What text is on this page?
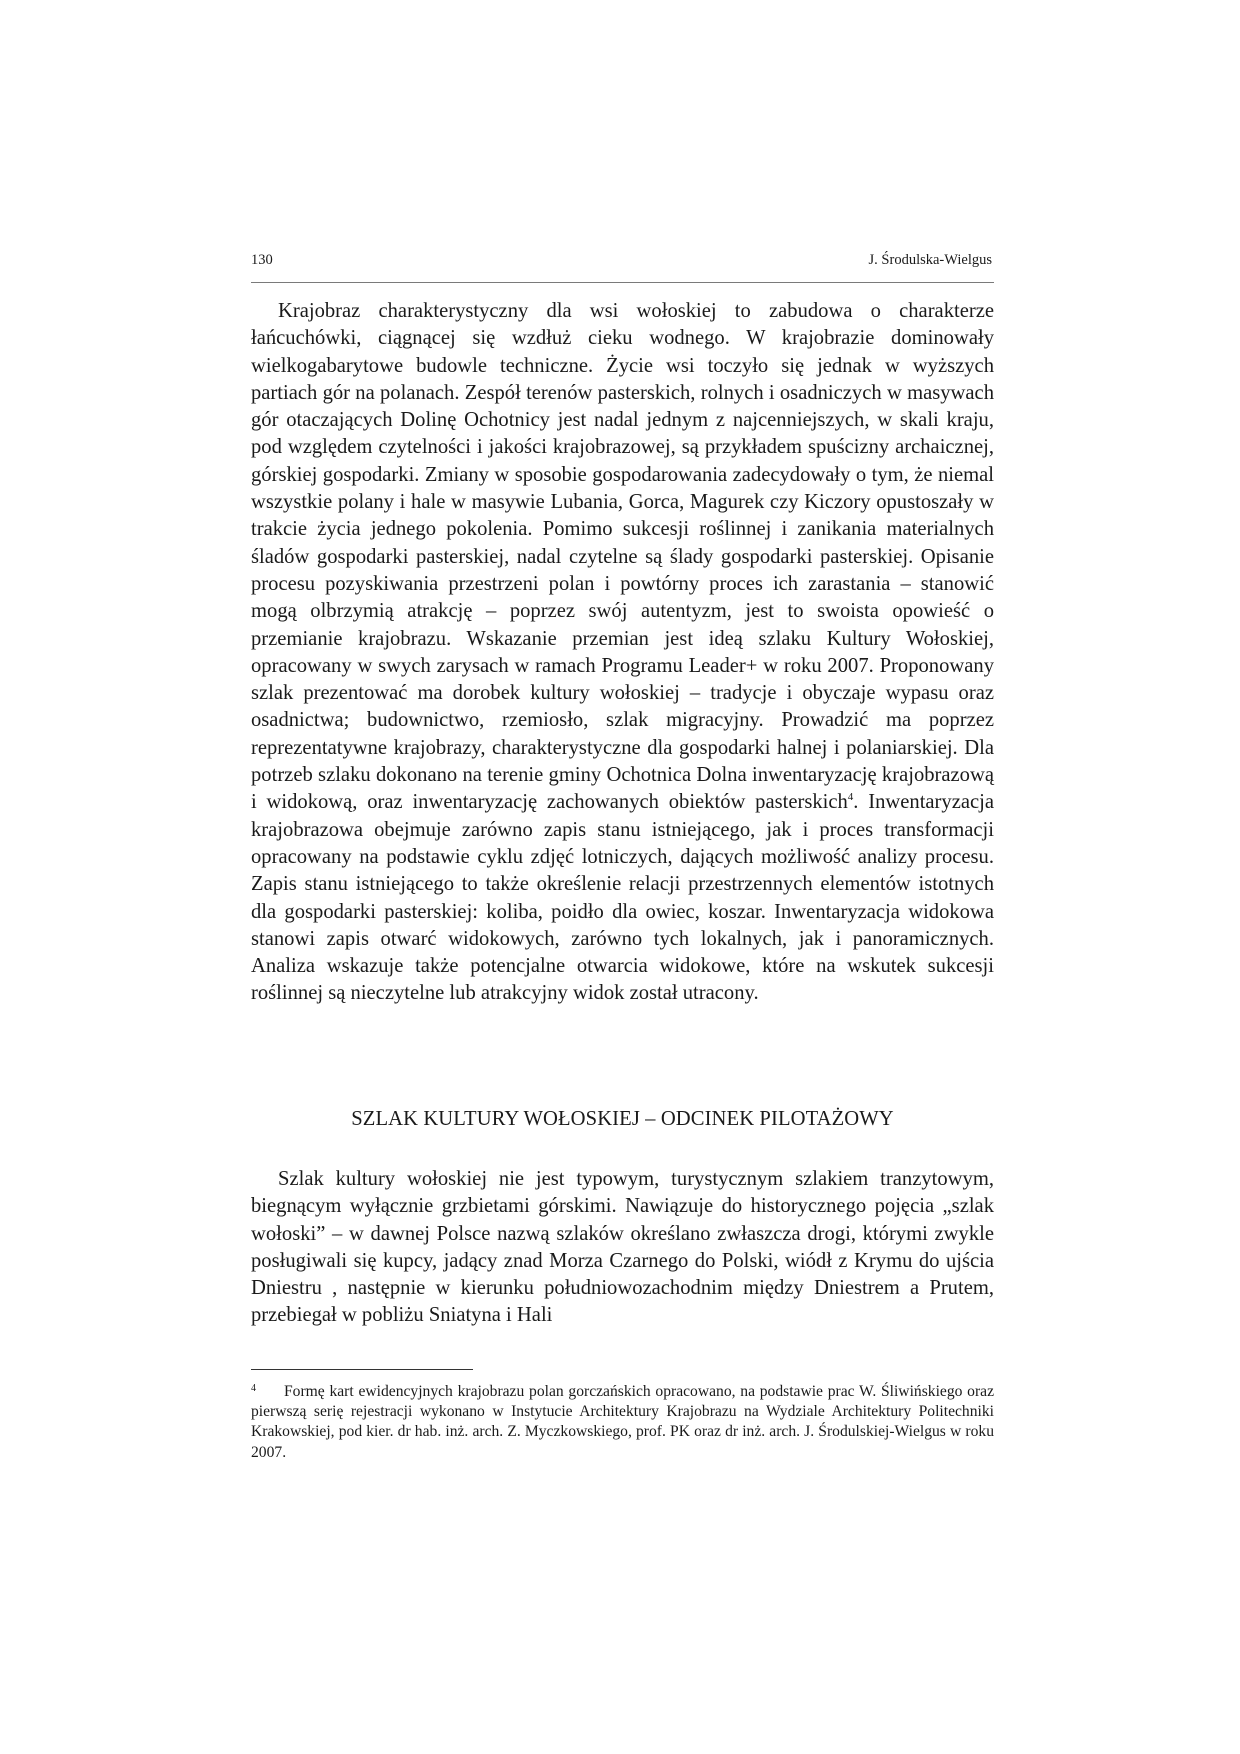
130	J. Środulska-Wielgus

Krajobraz charakterystyczny dla wsi wołoskiej to zabudowa o charakterze łańcuchówki, ciągnącej się wzdłuż cieku wodnego. W krajobrazie dominowały wielkogabarytowe budowle techniczne. Życie wsi toczyło się jednak w wyższych partiach gór na polanach. Zespół terenów pasterskich, rolnych i osadniczych w masywach gór otaczających Dolinę Ochotnicy jest nadal jednym z najcenniejszych, w skali kraju, pod względem czytelności i jakości krajobrazowej, są przykładem spuścizny archaicznej, górskiej gospodarki. Zmiany w sposobie gospodarowania zadecydowały o tym, że niemal wszystkie polany i hale w masywie Lubania, Gorca, Magurek czy Kiczory opustoszały w trakcie życia jednego pokolenia. Pomimo sukcesji roślinnej i zanikania materialnych śladów gospodarki pasterskiej, nadal czytelne są ślady gospodarki pasterskiej. Opisanie procesu pozyskiwania przestrzeni polan i powtórny proces ich zarastania – stanowić mogą olbrzymią atrakcję – poprzez swój autentyzm, jest to swoista opowieść o przemianie krajobrazu. Wskazanie przemian jest ideą szlaku Kultury Wołoskiej, opracowany w swych zarysach w ramach Programu Leader+ w roku 2007. Proponowany szlak prezentować ma dorobek kultury wołoskiej – tradycje i obyczaje wypasu oraz osadnictwa; budownictwo, rzemiosło, szlak migracyjny. Prowadzić ma poprzez reprezentatywne krajobrazy, charakterystyczne dla gospodarki halnej i polaniarskiej. Dla potrzeb szlaku dokonano na terenie gminy Ochotnica Dolna inwentaryzację krajobrazową i widokową, oraz inwentaryzację zachowanych obiektów pasterskich$^4$. Inwentaryzacja krajobrazowa obejmuje zarówno zapis stanu istniejącego, jak i proces transformacji opracowany na podstawie cyklu zdjęć lotniczych, dających możliwość analizy procesu. Zapis stanu istniejącego to także określenie relacji przestrzennych elementów istotnych dla gospodarki pasterskiej: koliba, poidło dla owiec, koszar. Inwentaryzacja widokowa stanowi zapis otwarć widokowych, zarówno tych lokalnych, jak i panoramicznych. Analiza wskazuje także potencjalne otwarcia widokowe, które na wskutek sukcesji roślinnej są nieczytelne lub atrakcyjny widok został utracony.

SZLAK KULTURY WOŁOSKIEJ – ODCINEK PILOTAŻOWY

Szlak kultury wołoskiej nie jest typowym, turystycznym szlakiem tranzytowym, biegnącym wyłącznie grzbietami górskimi. Nawiązuje do historycznego pojęcia „szlak wołoski” – w dawnej Polsce nazwą szlaków określano zwłaszcza drogi, którymi zwykle posługiwali się kupcy, jadący znad Morza Czarnego do Polski, wiódł z Krymu do ujścia Dniestru , następnie w kierunku południowozachodnim między Dniestrem a Prutem, przebiegał w pobliżu Sniatyna i Hali

4	Formę kart ewidencyjnych krajobrazu polan gorczańskich opracowano, na podstawie prac W. Śliwińskiego oraz pierwszą serię rejestracji wykonano w Instytucie Architektury Krajobrazu na Wydziale Architektury Politechniki Krakowskiej, pod kier. dr hab. inż. arch. Z. Myczkowskiego, prof. PK oraz dr inż. arch. J. Środulskiej-Wielgus w roku 2007.
